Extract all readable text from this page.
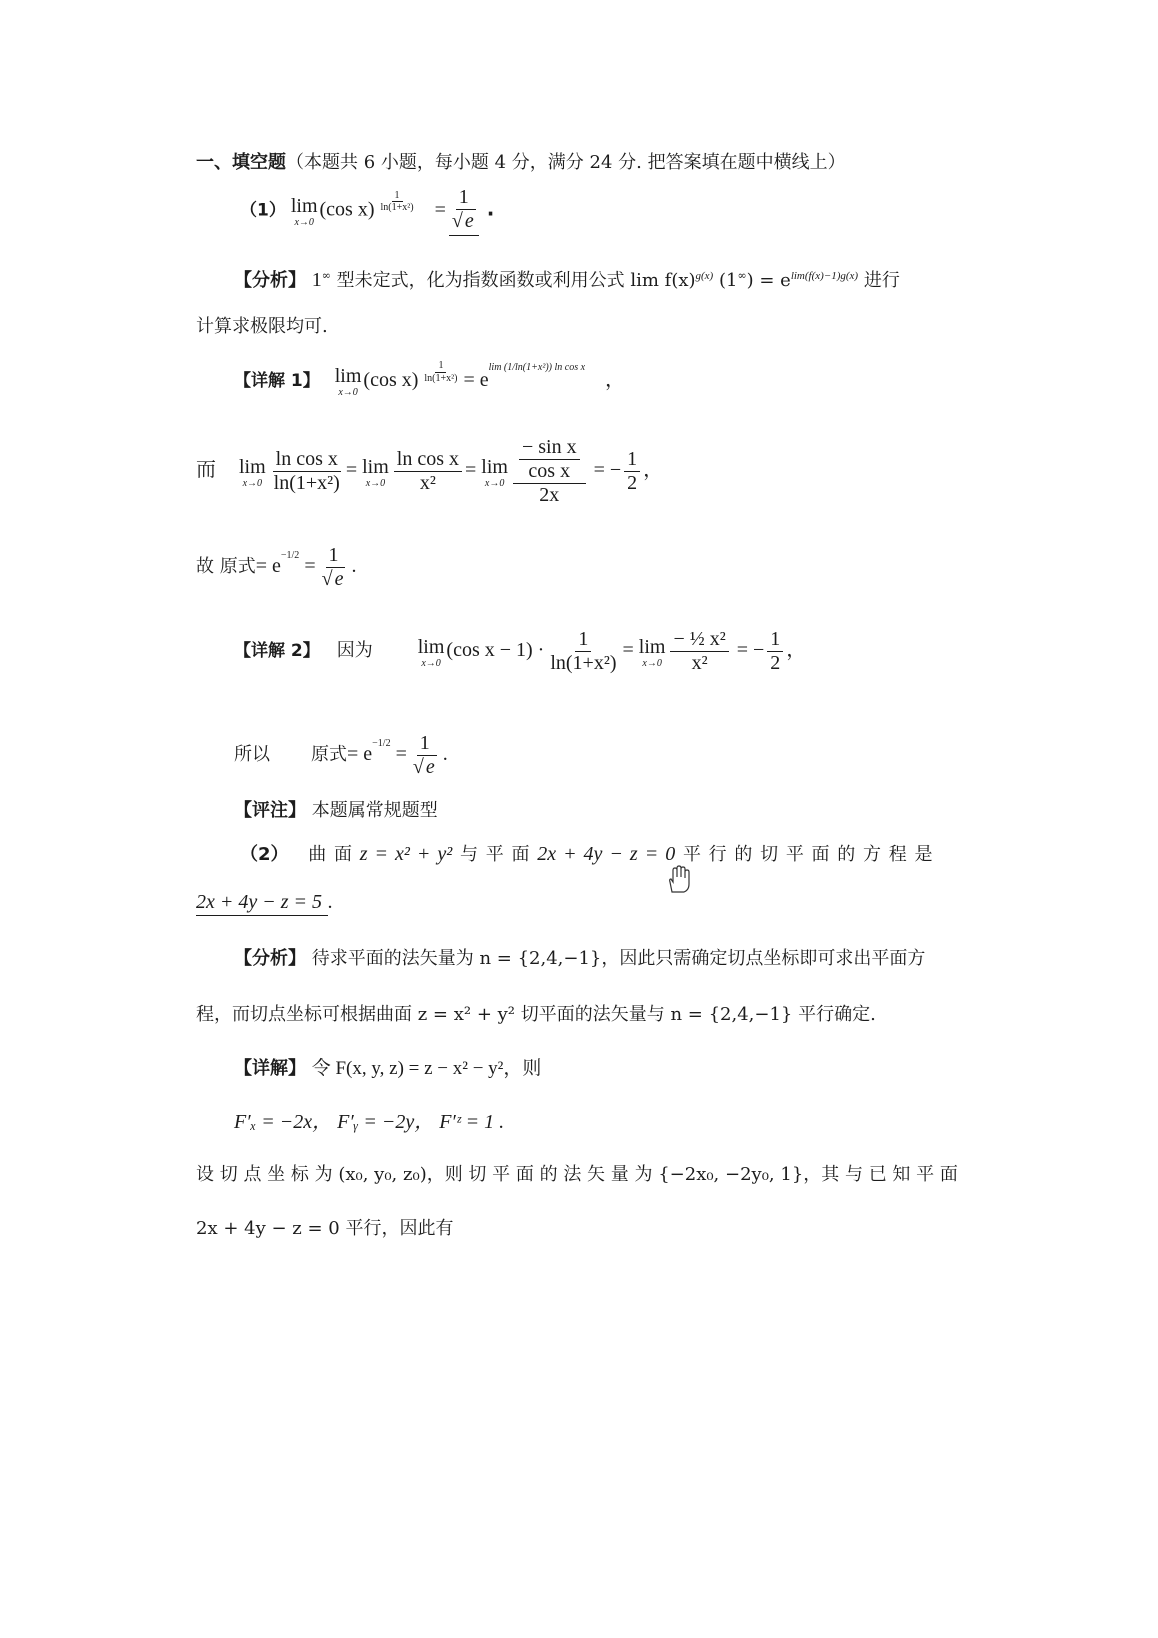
一、填空题（本题共 6 小题，每小题 4 分，满分 24 分. 把答案填在题中横线上）
（1） lim
x→0
(cos $x) \frac{1}{\text{ln(1+x²)}} = \frac{1}{√ e}$ .
【分析】 1∞ 型未定式，化为指数函数或利用公式 $\lim f(x)^{g(x)}$ $(1^\infty) = e^{lim(f(x)-1)g(x)}$ 进行
计算求极限均可.
【详解 1】 lim
x→0
(cos $x) \frac{1}{\text{ln(1+x²)}} = e^{lim (1/ln(1+x^2)) ln cos x}$，
而 lim
$x\to 0 \frac{\text{ln cos x}}{\text{ln(1+x²)}} = \lim$
$x\to 0 \frac{\text{ln cos x}}{\text{x²}} = \lim$
$x\to 0 \frac{\frac{\text{− sin x}}{\text{cos x}}}{2x}$ = − $\frac{1}{2}$ ，
故 原式= $e^{-1/2} = \frac{1}{√ e}$ .
【详解 2】 因为 lim
x→0
(cos $x - 1) \cdot \frac{1}{\text{ln(1+x²)}} = \lim$
$x\to 0 \frac{\text{− ½ x²}}{\text{x²}}$ = − $\frac{1}{2}$ ，
所以 原式= $e^{-1/2} = \frac{1}{√ e}$ .
【评注】 本题属常规题型
（2） 曲 面 z = x² + y² 与 平 面 2x + 4y − z = 0 平 行 的 切 平 面 的 方 程 是
2x + 4y − z = 5 .
【分析】 待求平面的法矢量为 n = {2,4,−1}，因此只需确定切点坐标即可求出平面方
程，而切点坐标可根据曲面 z = x² + y² 切平面的法矢量与 n = {2,4,−1} 平行确定.
【详解】 令 F(x, y, z) = z − x² − y²，则
F′ₓ = −2x， F′ᵧ = −2y， F′ᶻ = 1 .
设 切 点 坐 标 为 (x₀, y₀, z₀)，则 切 平 面 的 法 矢 量 为 {−2x₀, −2y₀, 1}，其 与 已 知 平 面
2x + 4y − z = 0 平行，因此有
